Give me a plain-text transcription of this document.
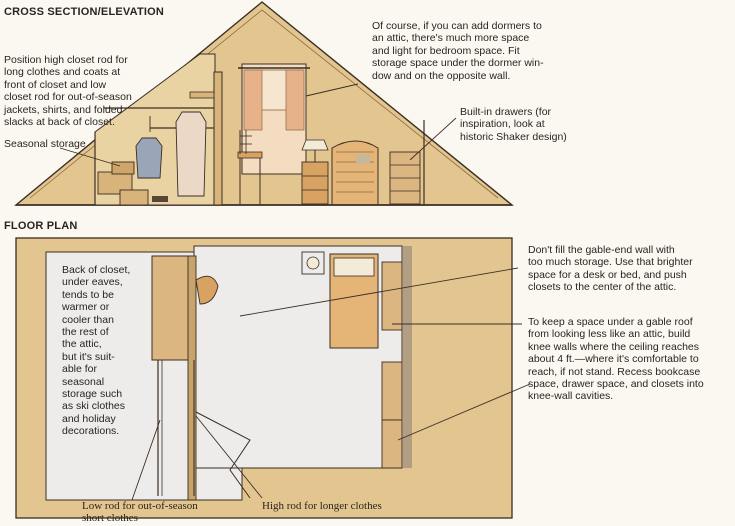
CROSS SECTION/ELEVATION
Position high closet rod for
long clothes and coats at
front of closet and low
closet rod for out-of-season
jackets, shirts, and folded
slacks at back of closet.
Seasonal storage
Of course, if you can add dormers to
an attic, there's much more space
and light for bedroom space. Fit
storage space under the dormer win-
dow and on the opposite wall.
Built-in drawers (for
inspiration, look at
historic Shaker design)
FLOOR PLAN
Back of closet,
under eaves,
tends to be
warmer or
cooler than
the rest of
the attic,
but it's suit-
able for
seasonal
storage such
as ski clothes
and holiday
decorations.
Don't fill the gable-end wall with
too much storage. Use that brighter
space for a desk or bed, and push
closets to the center of the attic.
To keep a space under a gable roof
from looking less like an attic, build
knee walls where the ceiling reaches
about 4 ft.—where it's comfortable to
reach, if not stand. Recess bookcase
space, drawer space, and closets into
knee-wall cavities.
Low rod for out-of-season
short clothes
High rod for longer clothes
